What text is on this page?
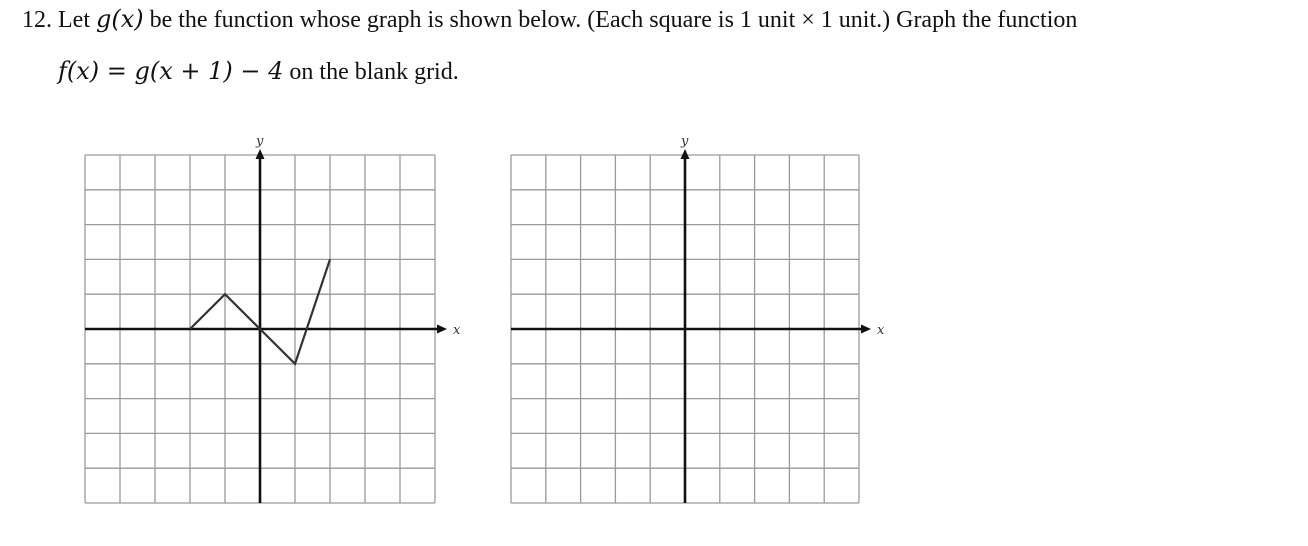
12. Let g(x) be the function whose graph is shown below. (Each square is 1 unit × 1 unit.) Graph the function
f(x) = g(x + 1) − 4 on the blank grid.
x
y
x
y
